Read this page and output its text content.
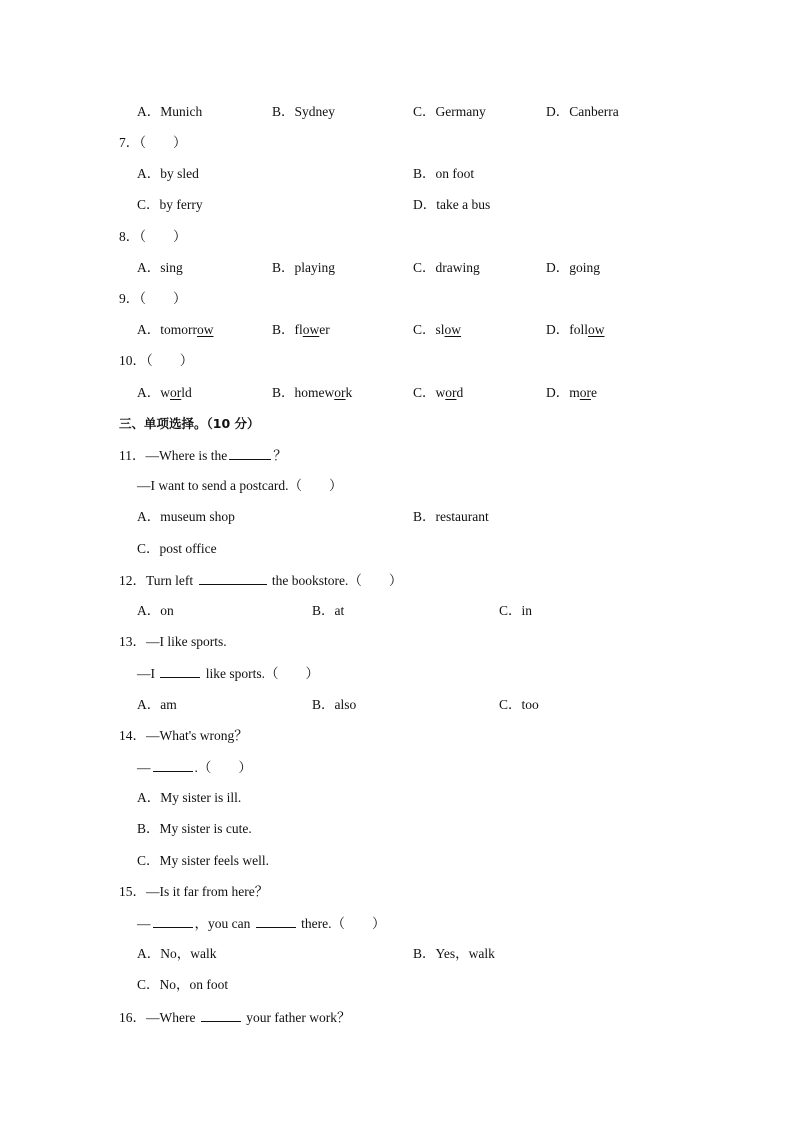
A．Munich	B．Sydney	C．Germany	D．Canberra
7．（　　）
A．by sled	B．on foot
C．by ferry	D．take a bus
8．（　　）
A．sing	B．playing	C．drawing	D．going
9．（　　）
A．tomorrow	B．flower	C．slow	D．follow
10．（　　）
A．world	B．homework	C．word	D．more
三、单项选择。（10 分）
11．—Where is the	？
—I want to send a postcard.（　　）
A．museum shop	B．restaurant
C．post office
12．Turn left	the bookstore.（　　）
A．on	B．at	C．in
13．—I like sports.
—I	like sports.（　　）
A．am	B．also	C．too
14．—What's wrong？
—	.（　　）
A．My sister is ill.
B．My sister is cute.
C．My sister feels well.
15．—Is it far from here？
—	，you can	there.（　　）
A．No，walk	B．Yes，walk
C．No，on foot
16．—Where	your father work？
